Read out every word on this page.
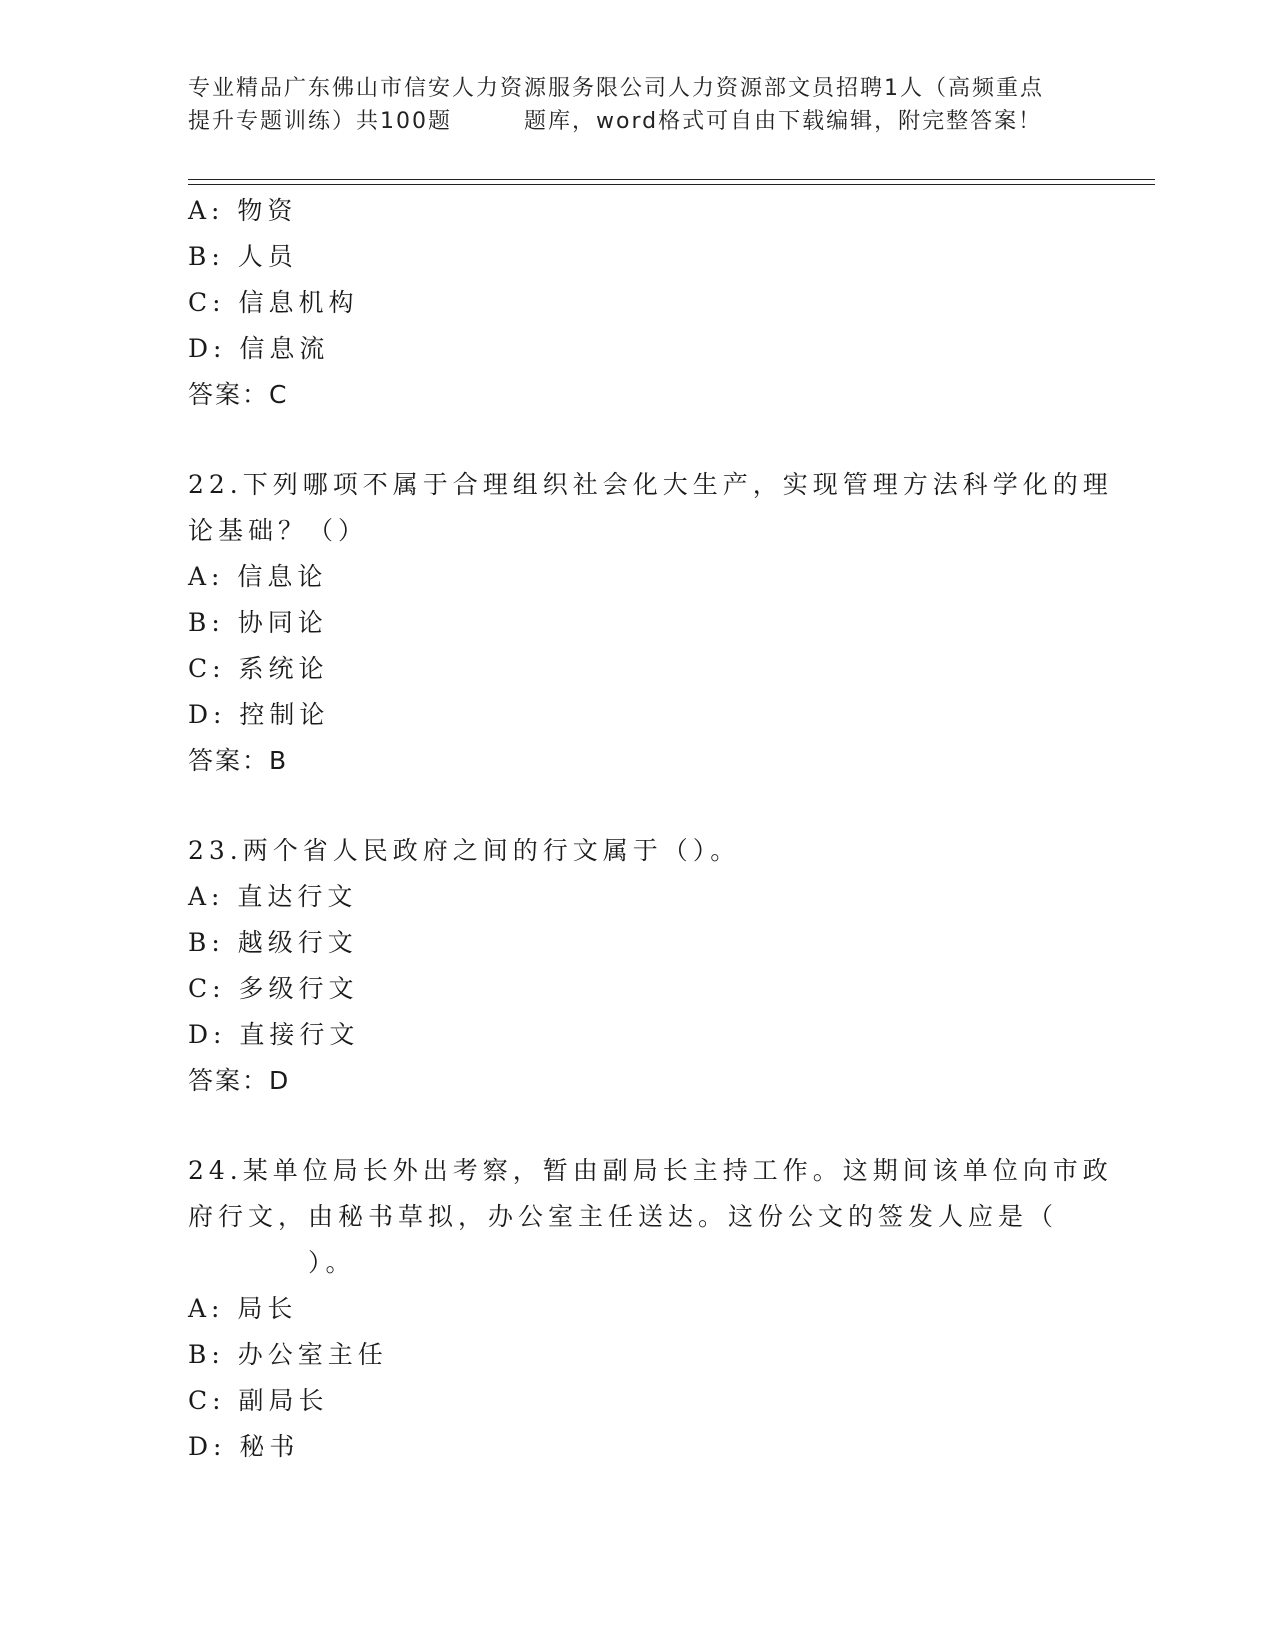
专业精品广东佛山市信安人力资源服务限公司人力资源部文员招聘1人（高频重点
提升专题训练）共100题	题库，word格式可自由下载编辑，附完整答案！
A: 物资
B: 人员
C: 信息机构
D: 信息流
答案：C
22.下列哪项不属于合理组织社会化大生产，实现管理方法科学化的理
论基础？（）
A: 信息论
B: 协同论
C: 系统论
D: 控制论
答案：B
23.两个省人民政府之间的行文属于（）。
A: 直达行文
B: 越级行文
C: 多级行文
D: 直接行文
答案：D
24.某单位局长外出考察，暂由副局长主持工作。这期间该单位向市政
府行文，由秘书草拟，办公室主任送达。这份公文的签发人应是（
）。
A: 局长
B: 办公室主任
C: 副局长
D: 秘书
